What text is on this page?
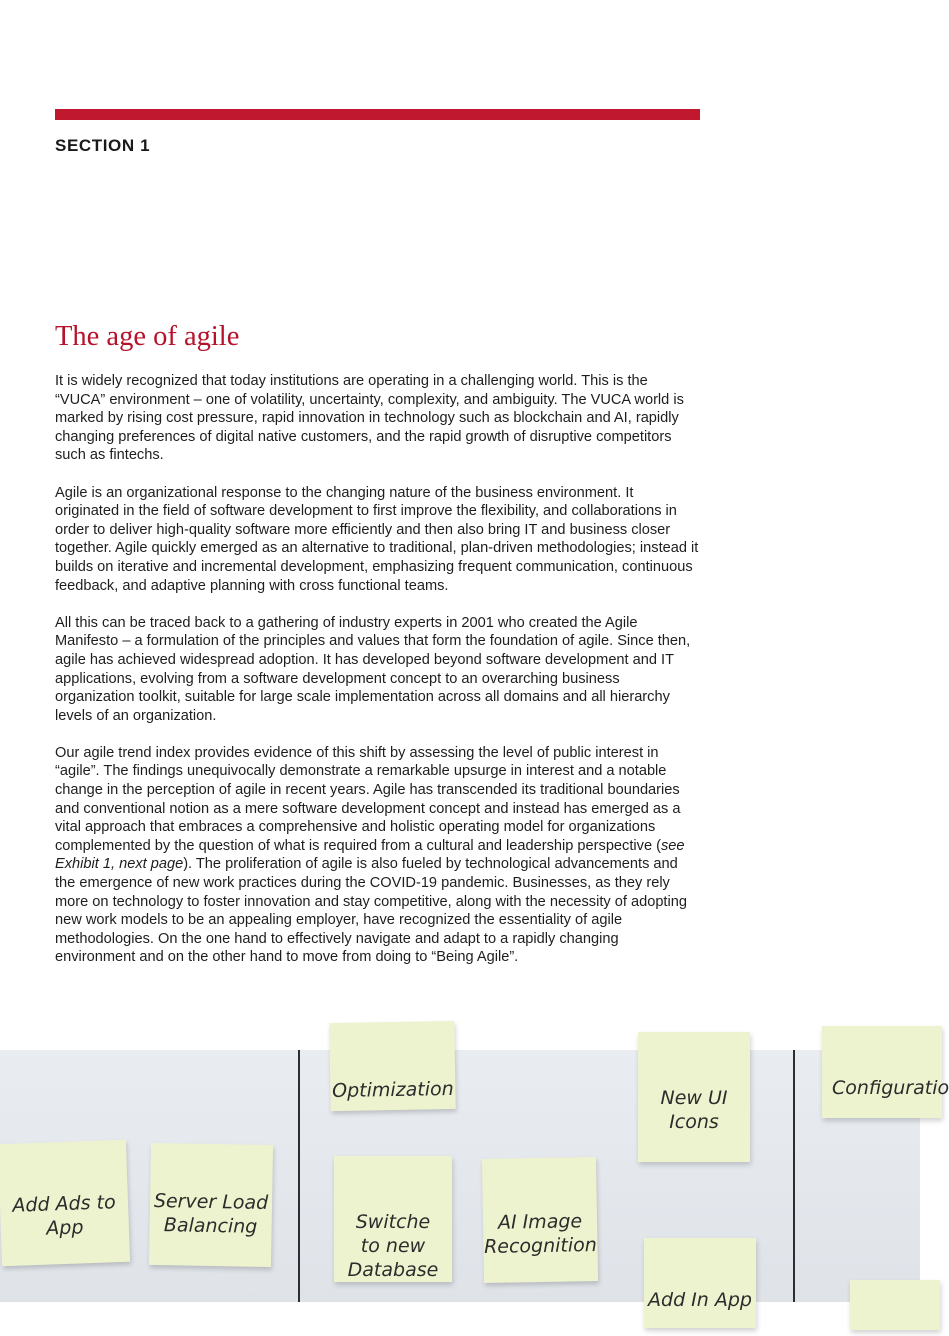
SECTION 1
The age of agile

It is widely recognized that today institutions are operating in a challenging world. This is the “VUCA” environment – one of volatility, uncertainty, complexity, and ambiguity. The VUCA world is marked by rising cost pressure, rapid innovation in technology such as blockchain and AI, rapidly changing preferences of digital native customers, and the rapid growth of disruptive competitors such as fintechs.

Agile is an organizational response to the changing nature of the business environment. It originated in the field of software development to first improve the flexibility, and collaborations in order to deliver high-quality software more efficiently and then also bring IT and business closer together. Agile quickly emerged as an alternative to traditional, plan-driven methodologies; instead it builds on iterative and incremental development, emphasizing frequent communication, continuous feedback, and adaptive planning with cross functional teams.

All this can be traced back to a gathering of industry experts in 2001 who created the Agile Manifesto – a formulation of the principles and values that form the foundation of agile. Since then, agile has achieved widespread adoption. It has developed beyond software development and IT applications, evolving from a software development concept to an overarching business organization toolkit, suitable for large scale implementation across all domains and all hierarchy levels of an organization.

Our agile trend index provides evidence of this shift by assessing the level of public interest in “agile”. The findings unequivocally demonstrate a remarkable upsurge in interest and a notable change in the perception of agile in recent years. Agile has transcended its traditional boundaries and conventional notion as a mere software development concept and instead has emerged as a vital approach that embraces a comprehensive and holistic operating model for organizations complemented by the question of what is required from a cultural and leadership perspective (see Exhibit 1, next page). The proliferation of agile is also fueled by technological advancements and the emergence of new work practices during the COVID-19 pandemic. Businesses, as they rely more on technology to foster innovation and stay competitive, along with the necessity of adopting new work models to be an appealing employer, have recognized the essentiality of agile methodologies. On the one hand to effectively navigate and adapt to a rapidly changing environment and on the other hand to move from doing to “Being Agile”.

Optimization	New UI
Icons

Configuratio

Add Ads to
App

Server Load
Balancing	Switche
to new
Database

AI Image
Recognition

Add In App
